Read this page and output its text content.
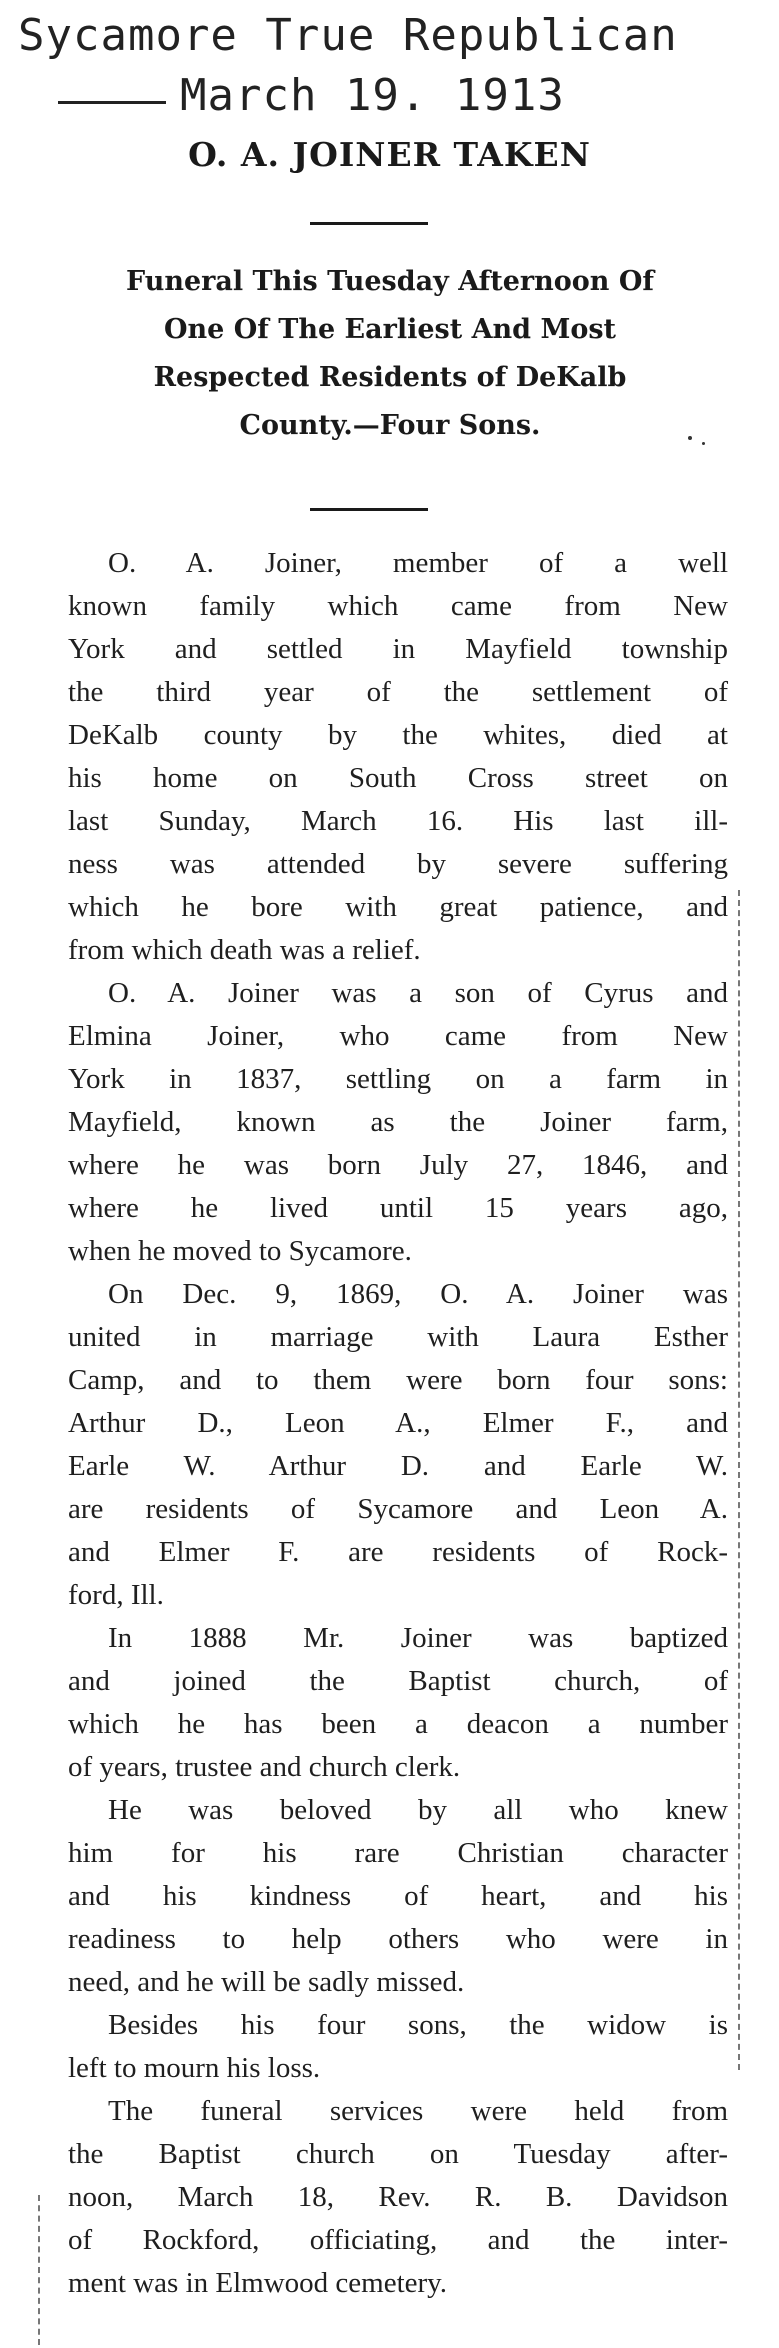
Sycamore True Republican
March 19. 1913
O. A. JOINER TAKEN
Funeral This Tuesday Afternoon Of
One Of The Earliest And Most
Respected Residents of DeKalb
County.—Four Sons.
O. A. Joiner, member of a well
known family which came from New
York and settled in Mayfield township
the third year of the settlement of
DeKalb county by the whites, died at
his home on South Cross street on
last Sunday, March 16. His last ill-
ness was attended by severe suffering
which he bore with great patience, and
from which death was a relief.
O. A. Joiner was a son of Cyrus and
Elmina Joiner, who came from New
York in 1837, settling on a farm in
Mayfield, known as the Joiner farm,
where he was born July 27, 1846, and
where he lived until 15 years ago,
when he moved to Sycamore.
On Dec. 9, 1869, O. A. Joiner was
united in marriage with Laura Esther
Camp, and to them were born four sons:
Arthur D., Leon A., Elmer F., and
Earle W. Arthur D. and Earle W.
are residents of Sycamore and Leon A.
and Elmer F. are residents of Rock-
ford, Ill.
In 1888 Mr. Joiner was baptized
and joined the Baptist church, of
which he has been a deacon a number
of years, trustee and church clerk.
He was beloved by all who knew
him for his rare Christian character
and his kindness of heart, and his
readiness to help others who were in
need, and he will be sadly missed.
Besides his four sons, the widow is
left to mourn his loss.
The funeral services were held from
the Baptist church on Tuesday after-
noon, March 18, Rev. R. B. Davidson
of Rockford, officiating, and the inter-
ment was in Elmwood cemetery.
